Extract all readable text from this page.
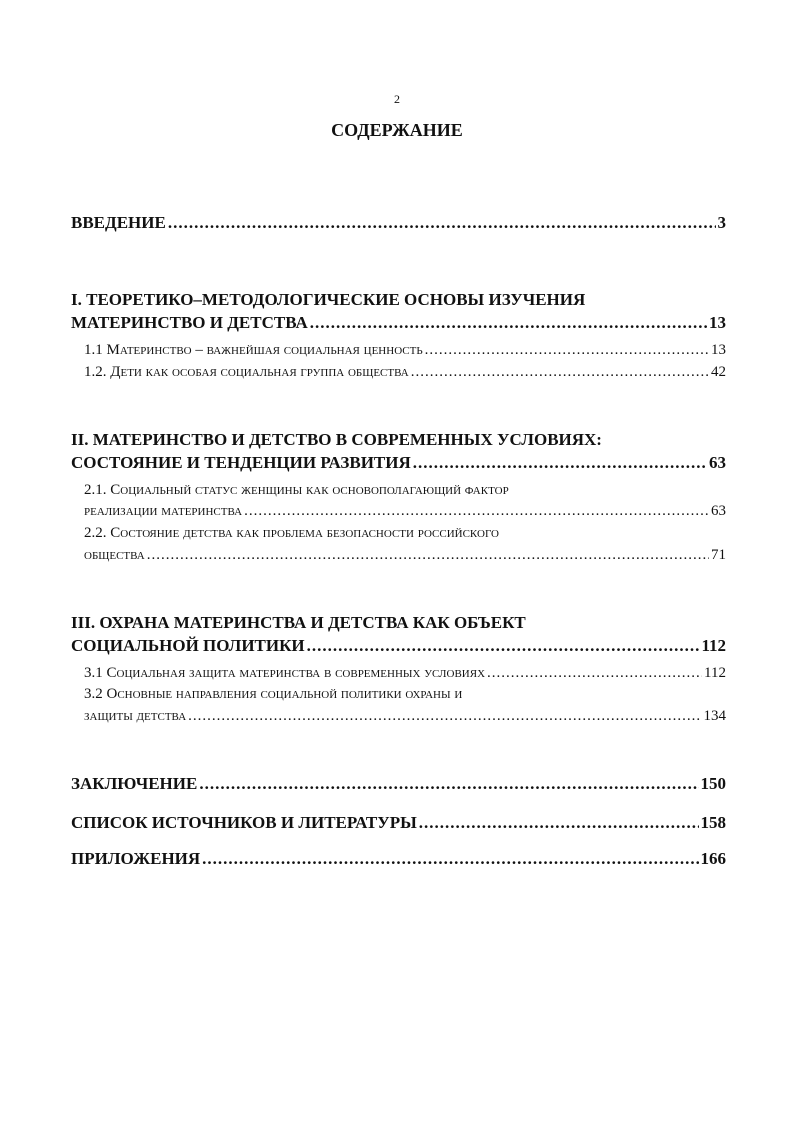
2
СОДЕРЖАНИЕ
ВВЕДЕНИЕ .....	3
I. ТЕОРЕТИКО–МЕТОДОЛОГИЧЕСКИЕ ОСНОВЫ ИЗУЧЕНИЯ
МАТЕРИНСТВО И ДЕТСТВА .....	13
1.1 Материнство – важнейшая социальная ценность .....	13
1.2. Дети как особая социальная группа общества .....	42
II. МАТЕРИНСТВО И ДЕТСТВО В СОВРЕМЕННЫХ УСЛОВИЯХ:
СОСТОЯНИЕ И ТЕНДЕНЦИИ РАЗВИТИЯ .....	63
2.1. Социальный статус женщины как основополагающий фактор
реализации материнства .....	63
2.2. Состояние детства как проблема безопасности российского
общества .....	71
III. ОХРАНА МАТЕРИНСТВА И ДЕТСТВА КАК ОБЪЕКТ
СОЦИАЛЬНОЙ ПОЛИТИКИ .....	112
3.1 Социальная защита материнства в современных условиях .....	112
3.2 Основные направления социальной политики охраны и
защиты детства .....	134
ЗАКЛЮЧЕНИЕ .....	150
СПИСОК ИСТОЧНИКОВ И ЛИТЕРАТУРЫ .....	158
ПРИЛОЖЕНИЯ .....	166
